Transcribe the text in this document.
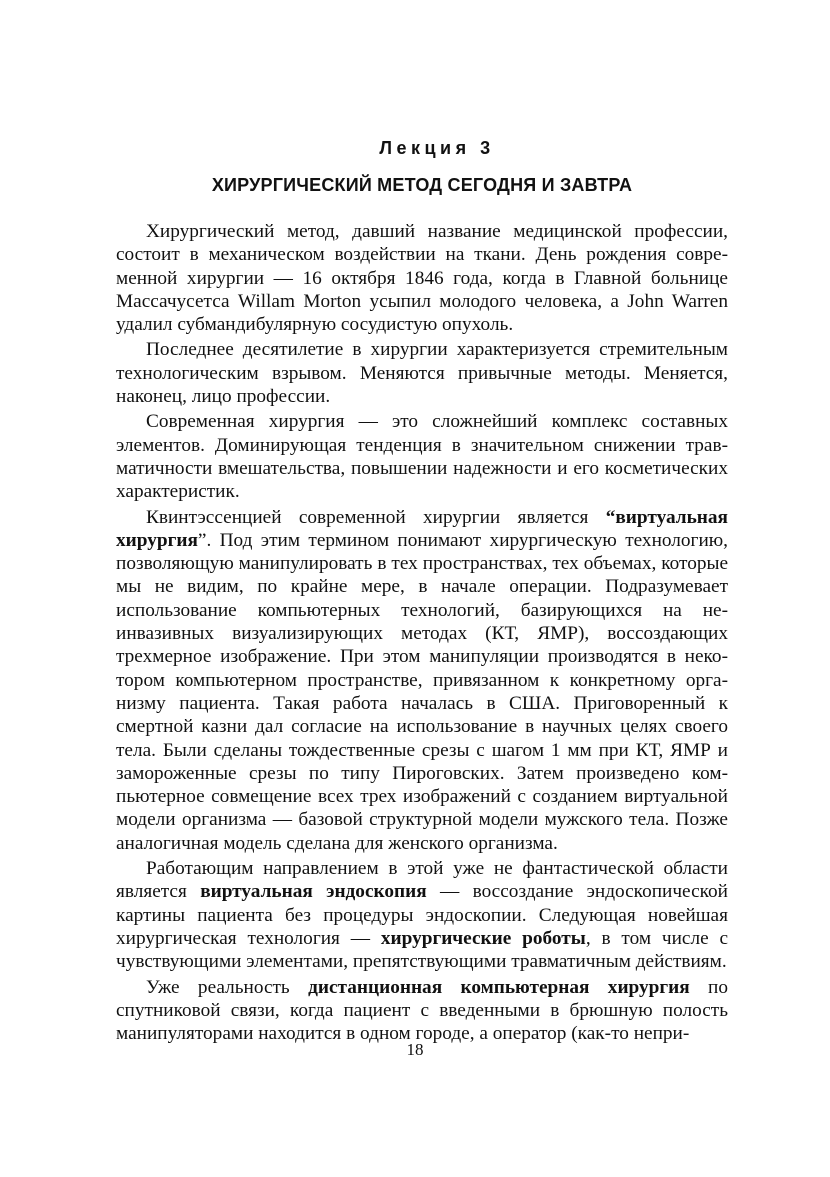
Лекция 3
ХИРУРГИЧЕСКИЙ МЕТОД СЕГОДНЯ И ЗАВТРА

Хирургический метод, давший название медицинской профессии, состоит в механическом воздействии на ткани. День рождения современной хирургии — 16 октября 1846 года, когда в Главной больнице Массачусетса Willam Morton усыпил молодого человека, а John Warren удалил субмандибулярную сосудистую опухоль.

Последнее десятилетие в хирургии характеризуется стремительным технологическим взрывом. Меняются привычные методы. Меняется, наконец, лицо профессии.

Современная хирургия — это сложнейший комплекс составных элементов. Доминирующая тенденция в значительном снижении травматичности вмешательства, повышении надежности и его косметических характеристик.

Квинтэссенцией современной хирургии является “виртуальная хирургия”. Под этим термином понимают хирургическую технологию, позволяющую манипулировать в тех пространствах, тех объемах, которые мы не видим, по крайне мере, в начале операции. Подразумевает использование компьютерных технологий, базирующихся на неинвазивных визуализирующих методах (КТ, ЯМР), воссоздающих трехмерное изображение. При этом манипуляции производятся в некотором компьютерном пространстве, привязанном к конкретному организму пациента. Такая работа началась в США. Приговоренный к смертной казни дал согласие на использование в научных целях своего тела. Были сделаны тождественные срезы с шагом 1 мм при КТ, ЯМР и замороженные срезы по типу Пироговских. Затем произведено компьютерное совмещение всех трех изображений с созданием виртуальной модели организма — базовой структурной модели мужского тела. Позже аналогичная модель сделана для женского организма.

Работающим направлением в этой уже не фантастической области является виртуальная эндоскопия — воссоздание эндоскопической картины пациента без процедуры эндоскопии. Следующая новейшая хирургическая технология — хирургические роботы, в том числе с чувствующими элементами, препятствующими травматичным действиям.

Уже реальность дистанционная компьютерная хирургия по спутниковой связи, когда пациент с введенными в брюшную полость манипуляторами находится в одном городе, а оператор (как-то непри-

18
